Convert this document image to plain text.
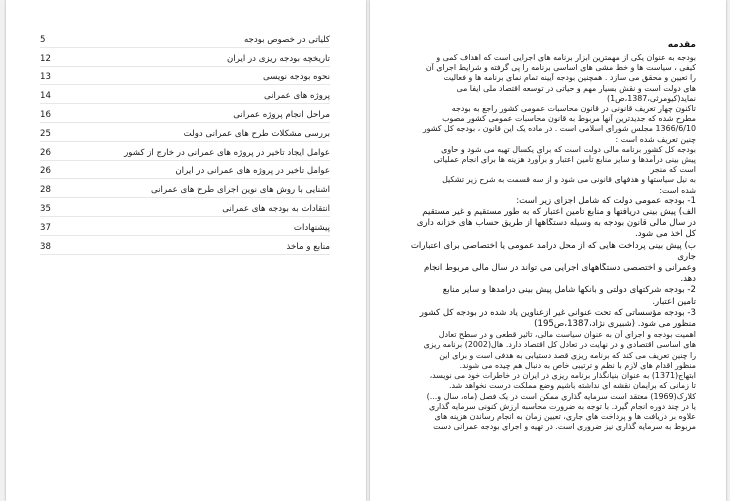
کلیاتی در خصوص بودجه
5
تاریخچه بودجه ریزی در ایران
12
نحوه بودجه نویسی
13
پروژه های عمرانی
14
مراحل انجام پروژه عمرانی
16
بررسی مشکلات طرح های عمرانی دولت
25
عوامل ایجاد تاخیر در پروژه های عمرانی در خارج از کشور
26
عوامل تاخیر در پروژه های عمرانی در ایران
26
آشنایی با روش های نوین اجرای طرح های عمرانی
28
انتقادات به بودجه های عمرانی
35
پیشنهادات
37
منابع و ماخذ
38
مقدمه
بودجه به عنوان یکی از مهمترین ابزار برنامه های اجرایی است که اهداف کمی و
کیفی ، سیاست ها و خط مشی های اساسی برنامه را پی گرفته و شرایط اجرای آن
را تعیین و محقق می سازد . همچنین بودجه آیینه تمام نمای برنامه ها و فعالیت
های دولت است و نقش بسیار مهم و حیاتی در توسعه اقتصاد ملی ایفا می
نماید(کیومرثی،1387،ص1)
تاکنون چهار تعریف قانونی در قانون محاسبات عمومی کشور راجع به بودجه
مطرح شده که جدیدترین آنها مربوط به قانون محاسبات عمومی کشور مصوب
1366/6/10 مجلس شورای اسلامی است . در ماده یک این قانون ، بودجه کل کشور
چنین تعریف شده است :
بودجه کل کشور برنامه مالی دولت است که برای یکسال تهیه می شود و حاوی
پیش بینی درآمدها و سایر منابع تأمین اعتبار و برآورد هزینه ها برای انجام عملیاتی
است که منجر
به نیل سیاستها و هدفهای قانونی می شود و از سه قسمت به شرح زیر تشکیل
شده است:
1- بودجه عمومی دولت که شامل اجزای زیر است:
الف) پیش بینی دریافتها و منابع تأمین اعتبار که به طور مستقیم و غیر مستقیم
در سال مالی قانون بودجه به وسیله دستگاهها از طریق حساب های خزانه داری
کل اخذ می شود.
ب) پیش بینی پرداخت هایی که از محل درآمد عمومی یا اختصاصی برای اعتبارات
جاری
وعمرانی و اختصصی دستگاههای اجرایی می تواند در سال مالی مربوط انجام
دهد.
2- بودجه شرکتهای دولتی و بانکها شامل پیش بینی درآمدها و سایر منابع
تأمین اعتبار.
3- بودجه مؤسساتی که تحت عنوانی غیر ازعناوین یاد شده در بودجه کل کشور
منظور می شود. (شبیری نژاد،1387،ص195)
اهمیت بودجه و اجرای آن به عنوان سیاست مالی، تاثیر قطعی و در سطح تعادل
های اساسی اقتصادی و در نهایت در تعادل کل اقتصاد دارد. هال(2002) برنامه ریزی
را چنین تعریف می کند که برنامه ریزی قصد دستیابی به هدفی است و برای این
منظور اقدام های لازم با نظم و ترتیبی خاص به دنبال هم چیده می شوند.
ابتهاج(1371) به عنوان بنیانگذار برنامه ریزی در ایران در خاطرات خود می نویسد،
تا زمانی که برایمان نقشه ای نداشته باشیم وضع مملکت درست نخواهد شد.
کلارک(1969) معتقد است سرمایه گذاری ممکن است در یک فصل (ماه، سال و...)
یا در چند دوره انجام گیرد. با توجه به ضرورت محاسبه ارزش کنونی سرمایه گذاری
علاوه بر دریافت ها و پرداخت های جاری، تعیین زمان به انجام رساندن هزینه های
مربوط به سرمایه گذاری نیز ضروری است. در تهیه و اجرای بودجه عمرانی دست
